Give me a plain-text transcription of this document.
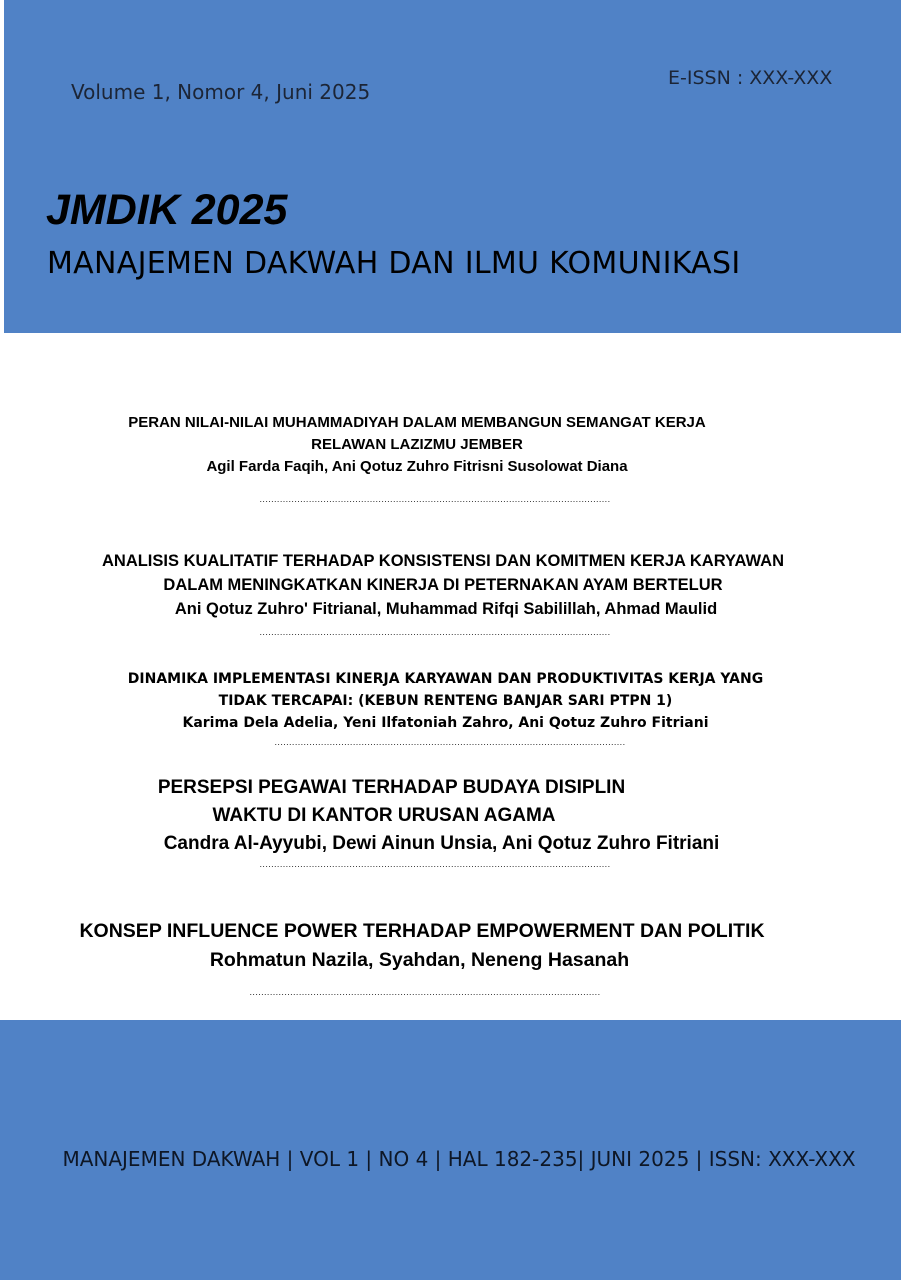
Volume 1, Nomor 4, Juni 2025
E-ISSN : XXX-XXX
JMDIK 2025
MANAJEMEN DAKWAH DAN ILMU KOMUNIKASI
PERAN NILAI-NILAI MUHAMMADIYAH DALAM MEMBANGUN SEMANGAT KERJA
RELAWAN LAZIZMU JEMBER
Agil Farda Faqih, Ani Qotuz Zuhro Fitrisni Susolowat Diana
.........................................................................................................................
ANALISIS KUALITATIF TERHADAP KONSISTENSI DAN KOMITMEN KERJA KARYAWAN
DALAM MENINGKATKAN KINERJA DI PETERNAKAN AYAM BERTELUR
Ani Qotuz Zuhro' Fitrianal, Muhammad Rifqi Sabilillah, Ahmad Maulid
.........................................................................................................................
DINAMIKA IMPLEMENTASI KINERJA KARYAWAN DAN PRODUKTIVITAS KERJA YANG
TIDAK TERCAPAI: (KEBUN RENTENG BANJAR SARI PTPN 1)
Karima Dela Adelia, Yeni Ilfatoniah Zahro, Ani Qotuz Zuhro Fitriani
.........................................................................................................................
PERSEPSI PEGAWAI TERHADAP BUDAYA DISIPLIN
WAKTU DI KANTOR URUSAN AGAMA
Candra Al-Ayyubi, Dewi Ainun Unsia, Ani Qotuz Zuhro Fitriani
.........................................................................................................................
KONSEP INFLUENCE POWER TERHADAP EMPOWERMENT DAN POLITIK
Rohmatun Nazila, Syahdan, Neneng Hasanah
.........................................................................................................................
MANAJEMEN DAKWAH | VOL 1 | NO 4 | HAL 182-235| JUNI 2025 | ISSN: XXX-XXX
